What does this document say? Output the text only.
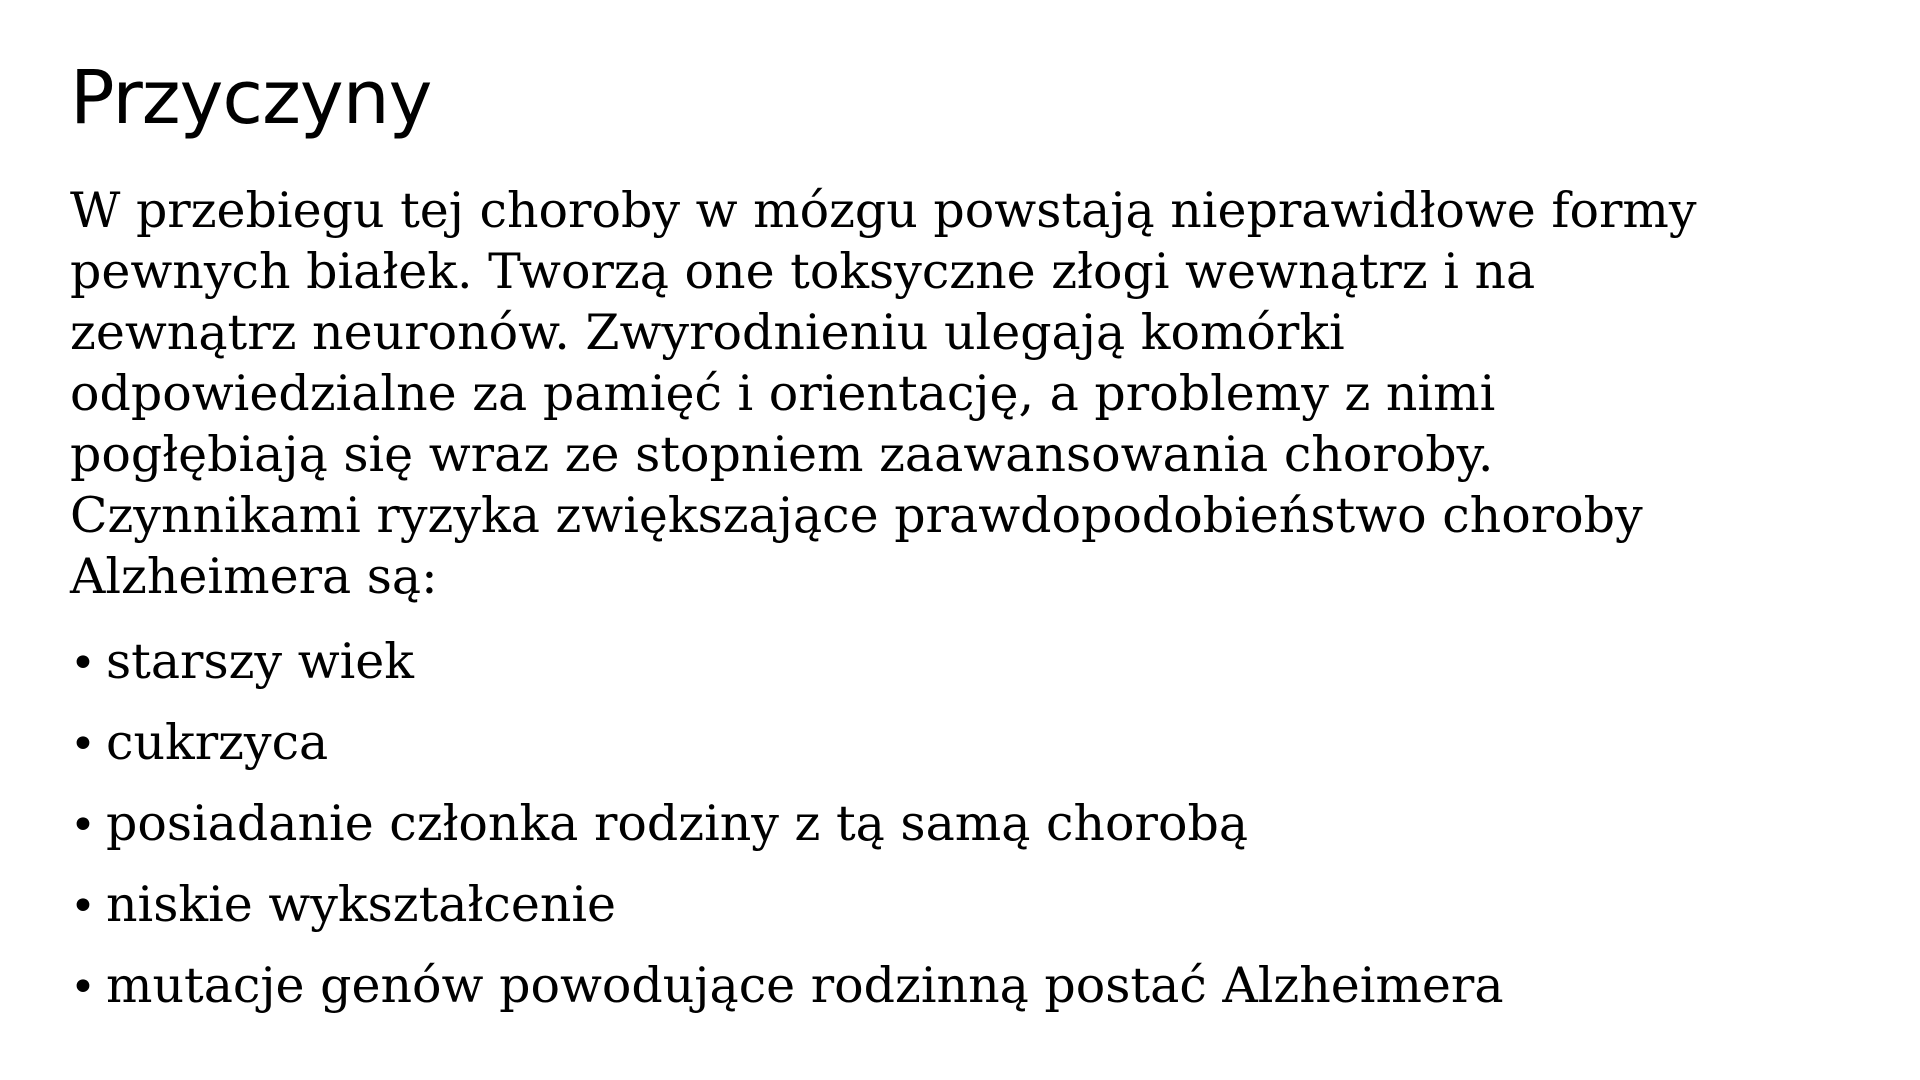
Przyczyny

W przebiegu tej choroby w mózgu powstają nieprawidłowe formy
pewnych białek. Tworzą one toksyczne złogi wewnątrz i na
zewnątrz neuronów. Zwyrodnieniu ulegają komórki
odpowiedzialne za pamięć i orientację, a problemy z nimi
pogłębiają się wraz ze stopniem zaawansowania choroby.
Czynnikami ryzyka zwiększające prawdopodobieństwo choroby
Alzheimera są:

• starszy wiek
• cukrzyca
• posiadanie członka rodziny z tą samą chorobą
• niskie wykształcenie
• mutacje genów powodujące rodzinną postać Alzheimera
